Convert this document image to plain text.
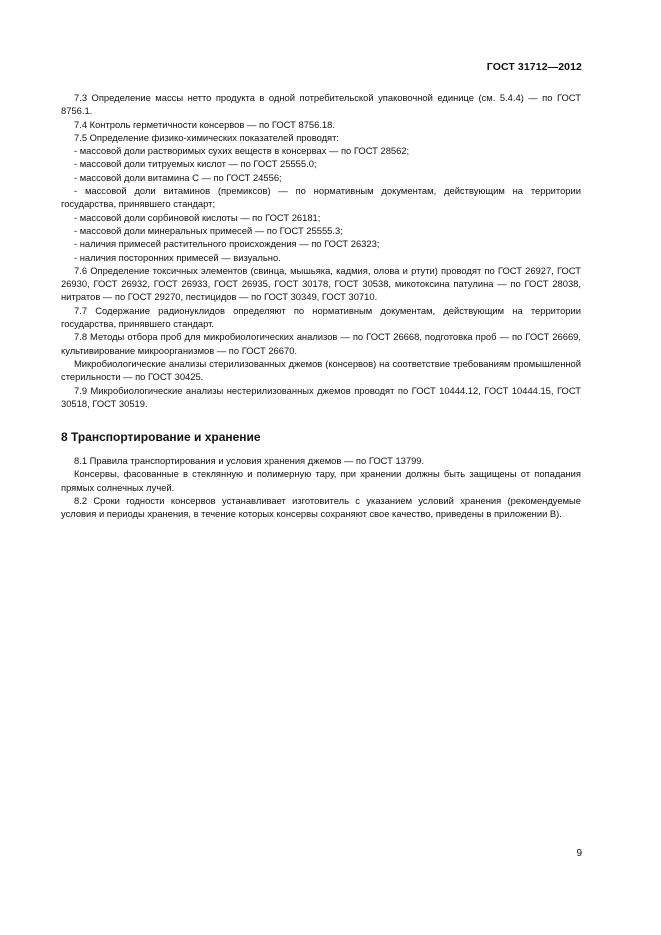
ГОСТ 31712—2012

7.3 Определение массы нетто продукта в одной потребительской упаковочной единице (см. 5.4.4) — по ГОСТ 8756.1.

7.4 Контроль герметичности консервов — по ГОСТ 8756.18.

7.5 Определение физико-химических показателей проводят:

- массовой доли растворимых сухих веществ в консервах — по ГОСТ 28562;

- массовой доли титруемых кислот — по ГОСТ 25555.0;

- массовой доли витамина С — по ГОСТ 24556;

- массовой доли витаминов (премиксов) — по нормативным документам, действующим на территории государства, принявшего стандарт;

- массовой доли сорбиновой кислоты — по ГОСТ 26181;

- массовой доли минеральных примесей — по ГОСТ 25555.3;

- наличия примесей растительного происхождения — по ГОСТ 26323;

- наличия посторонних примесей — визуально.

7.6 Определение токсичных элементов (свинца, мышьяка, кадмия, олова и ртути) проводят по ГОСТ 26927, ГОСТ 26930, ГОСТ 26932, ГОСТ 26933, ГОСТ 26935, ГОСТ 30178, ГОСТ 30538, микотоксина патулина — по ГОСТ 28038, нитратов — по ГОСТ 29270, пестицидов — по ГОСТ 30349, ГОСТ 30710.

7.7 Содержание радионуклидов определяют по нормативным документам, действующим на территории государства, принявшего стандарт.

7.8 Методы отбора проб для микробиологических анализов — по ГОСТ 26668, подготовка проб — по ГОСТ 26669, культивирование микроорганизмов — по ГОСТ 26670.

Микробиологические анализы стерилизованных джемов (консервов) на соответствие требованиям промышленной стерильности — по ГОСТ 30425.

7.9 Микробиологические анализы нестерилизованных джемов проводят по ГОСТ 10444.12, ГОСТ 10444.15, ГОСТ 30518, ГОСТ 30519.

8 Транспортирование и хранение

8.1 Правила транспортирования и условия хранения джемов — по ГОСТ 13799.

Консервы, фасованные в стеклянную и полимерную тару, при хранении должны быть защищены от попадания прямых солнечных лучей.

8.2 Сроки годности консервов устанавливает изготовитель с указанием условий хранения (рекомендуемые условия и периоды хранения, в течение которых консервы сохраняют свое качество, приведены в приложении В).

9
